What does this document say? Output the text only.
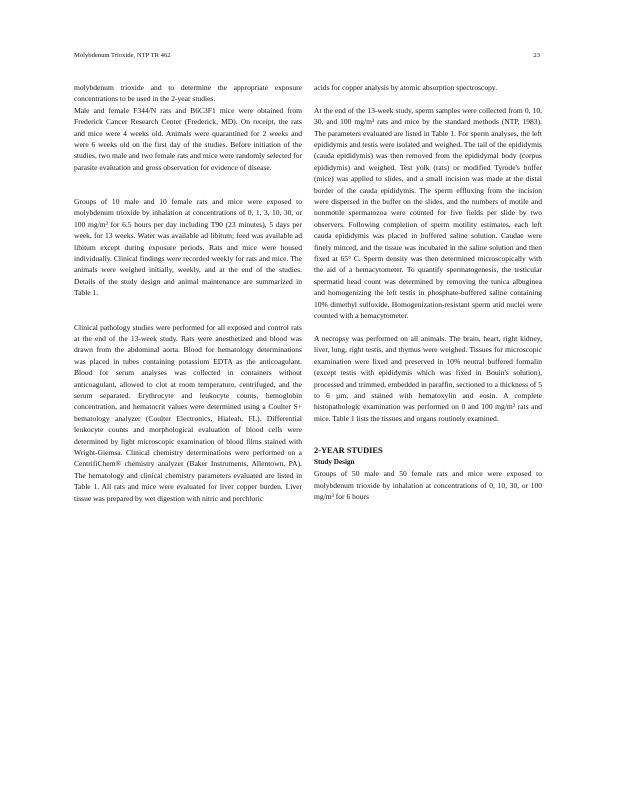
Molybdenum Trioxide, NTP TR 462	23

molybdenum trioxide and to determine the appropriate exposure concentrations to be used in the 2-year studies.

Male and female F344/N rats and B6C3F1 mice were obtained from Frederick Cancer Research Center (Frederick, MD). On receipt, the rats and mice were 4 weeks old. Animals were quarantined for 2 weeks and were 6 weeks old on the first day of the studies. Before initiation of the studies, two male and two female rats and mice were randomly selected for parasite evaluation and gross observation for evidence of disease.

Groups of 10 male and 10 female rats and mice were exposed to molybdenum trioxide by inhalation at concentrations of 0, 1, 3, 10, 30, or 100 mg/m³ for 6.5 hours per day including T90 (23 minutes), 5 days per week, for 13 weeks. Water was available ad libitum; feed was available ad libitum except during exposure periods. Rats and mice were housed individually. Clinical findings were recorded weekly for rats and mice. The animals were weighed initially, weekly, and at the end of the studies. Details of the study design and animal maintenance are summarized in Table 1.

Clinical pathology studies were performed for all exposed and control rats at the end of the 13-week study. Rats were anesthetized and blood was drawn from the abdominal aorta. Blood for hematology determinations was placed in tubes containing potassium EDTA as the anticoagulant. Blood for serum analyses was collected in containers without anticoagulant, allowed to clot at room temperature, centrifuged, and the serum separated. Erythrocyte and leukocyte counts, hemoglobin concentration, and hematocrit values were determined using a Coulter S+ hematology analyzer (Coulter Electronics, Hialeah, FL). Differential leukocyte counts and morphological evaluation of blood cells were determined by light microscopic examination of blood films stained with Wright-Giemsa. Clinical chemistry determinations were performed on a CentrifiChem® chemistry analyzer (Baker Instruments, Allentown, PA). The hematology and clinical chemistry parameters evaluated are listed in Table 1. All rats and mice were evaluated for liver copper burden. Liver tissue was prepared by wet digestion with nitric and perchloric

acids for copper analysis by atomic absorption spectroscopy.

At the end of the 13-week study, sperm samples were collected from 0, 10, 30, and 100 mg/m³ rats and mice by the standard methods (NTP, 1983). The parameters evaluated are listed in Table 1. For sperm analyses, the left epididymis and testis were isolated and weighed. The tail of the epididymis (cauda epididymis) was then removed from the epididymal body (corpus epididymis) and weighed. Test yolk (rats) or modified Tyrode's buffer (mice) was applied to slides, and a small incision was made at the distal border of the cauda epididymis. The sperm effluxing from the incision were dispersed in the buffer on the slides, and the numbers of motile and nonmotile spermatozoa were counted for five fields per slide by two observers. Following completion of sperm motility estimates, each left cauda epididymis was placed in buffered saline solution. Caudae were finely minced, and the tissue was incubated in the saline solution and then fixed at 65° C. Sperm density was then determined microscopically with the aid of a hemacytometer. To quantify spermatogenesis, the testicular spermatid head count was determined by removing the tunica albuginea and homogenizing the left testis in phosphate-buffered saline containing 10% dimethyl sulfoxide. Homogenization-resistant sperm atid nuclei were counted with a hemacytometer.

A necropsy was performed on all animals. The brain, heart, right kidney, liver, lung, right testis, and thymus were weighed. Tissues for microscopic examination were fixed and preserved in 10% neutral buffered formalin (except testis with epididymis which was fixed in Bouin's solution), processed and trimmed, embedded in paraffin, sectioned to a thickness of 5 to 6 µm, and stained with hematoxylin and eosin. A complete histopathologic examination was performed on 0 and 100 mg/m³ rats and mice. Table 1 lists the tissues and organs routinely examined.

2-YEAR STUDIES

Study Design

Groups of 50 male and 50 female rats and mice were exposed to molybdenum trioxide by inhalation at concentrations of 0, 10, 30, or 100 mg/m³ for 6 hours
